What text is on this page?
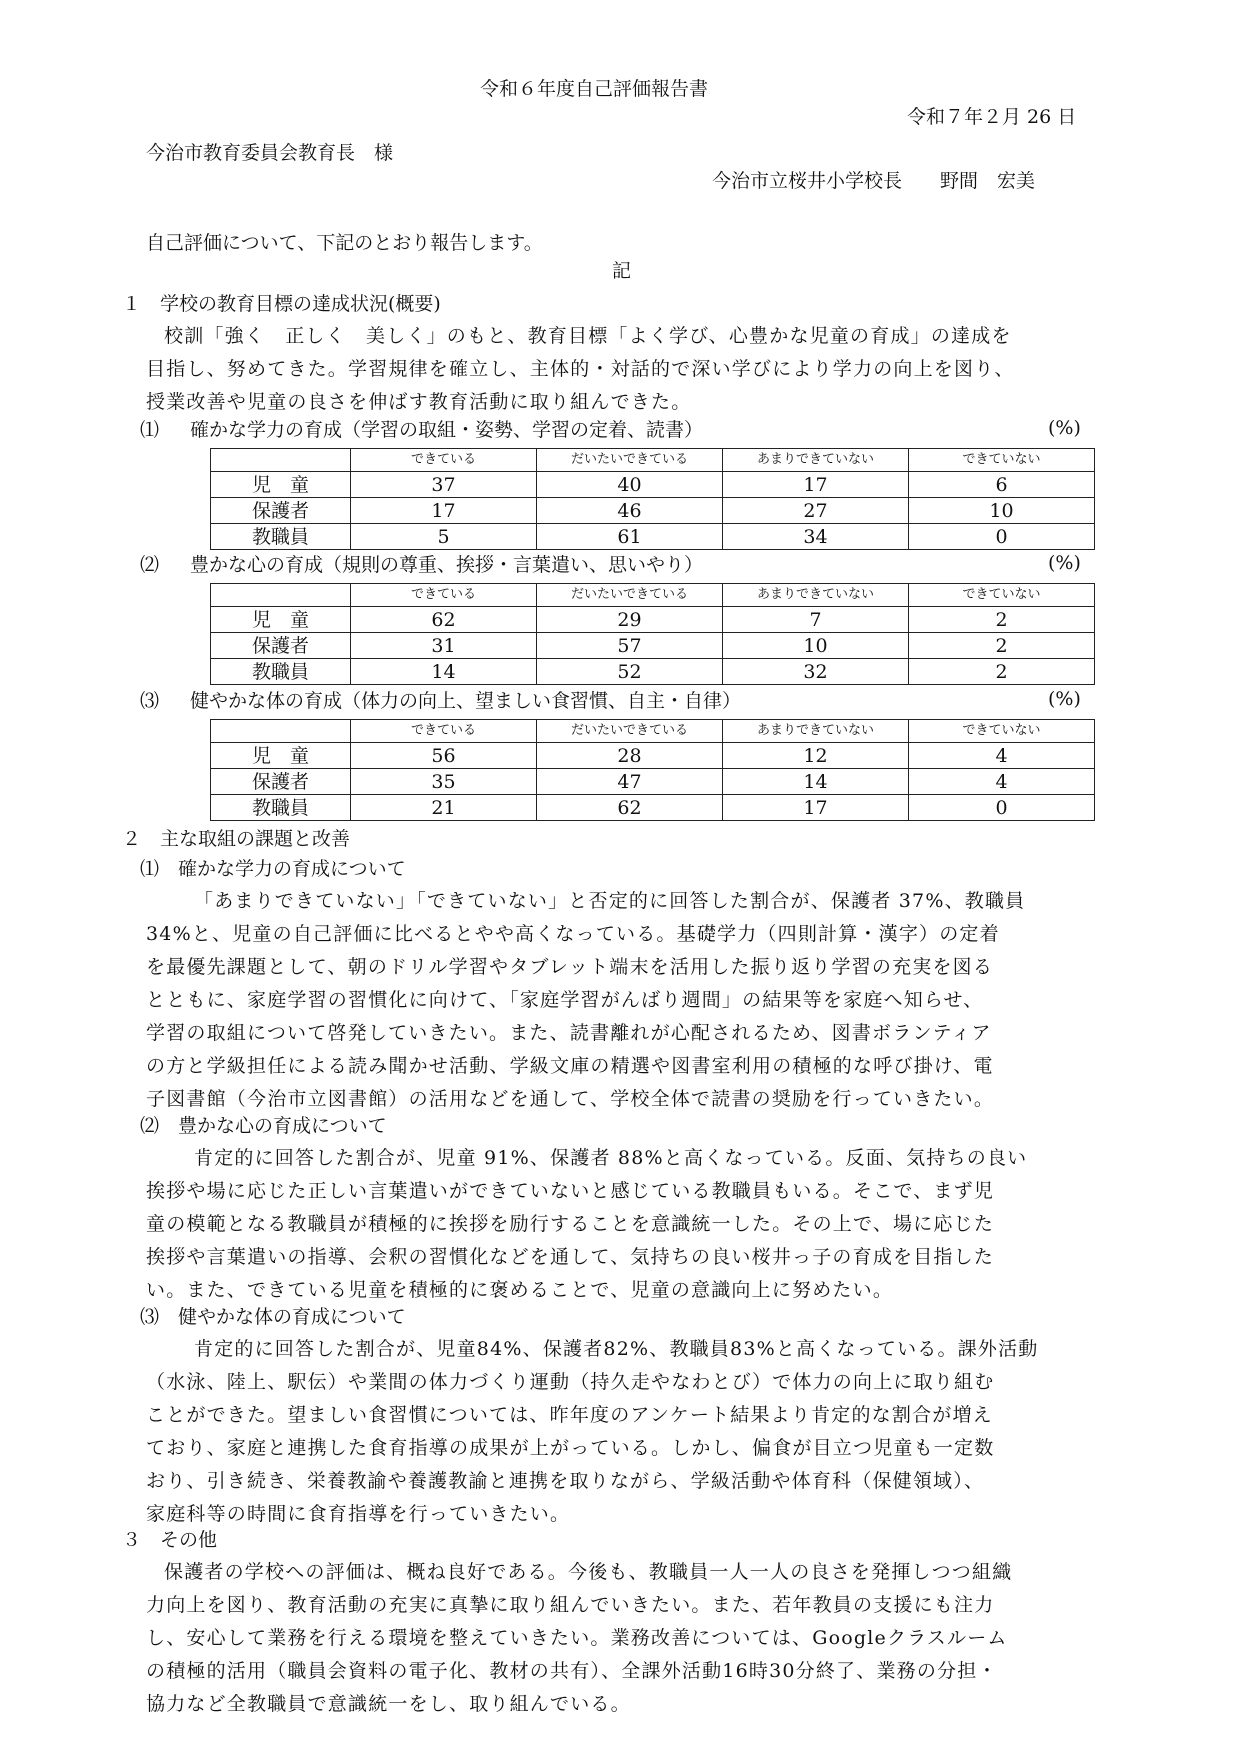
令和６年度自己評価報告書
令和７年２月 26 日
今治市教育委員会教育長　様
今治市立桜井小学校長　　野間　宏美
自己評価について、下記のとおり報告します。
記
１　学校の教育目標の達成状況(概要)
校訓「強く　正しく　美しく」のもと、教育目標「よく学び、心豊かな児童の育成」の達成を
目指し、努めてきた。学習規律を確立し、主体的・対話的で深い学びにより学力の向上を図り、
授業改善や児童の良さを伸ばす教育活動に取り組んできた。
⑴ 確かな学力の育成（学習の取組・姿勢、学習の定着、読書）	(%)
	できている	だいたいできている	あまりできていない	できていない
児　童	37	40	17	6
保護者	17	46	27	10
教職員	5	61	34	0
⑵ 豊かな心の育成（規則の尊重、挨拶・言葉遣い、思いやり）	(%)
	できている	だいたいできている	あまりできていない	できていない
児　童	62	29	7	2
保護者	31	57	10	2
教職員	14	52	32	2
⑶ 健やかな体の育成（体力の向上、望ましい食習慣、自主・自律）	(%)
	できている	だいたいできている	あまりできていない	できていない
児　童	56	28	12	4
保護者	35	47	14	4
教職員	21	62	17	0
２　主な取組の課題と改善
⑴　確かな学力の育成について
「あまりできていない」「できていない」と否定的に回答した割合が、保護者 37%、教職員
34%と、児童の自己評価に比べるとやや高くなっている。基礎学力（四則計算・漢字）の定着
を最優先課題として、朝のドリル学習やタブレット端末を活用した振り返り学習の充実を図る
とともに、家庭学習の習慣化に向けて、「家庭学習がんばり週間」の結果等を家庭へ知らせ、
学習の取組について啓発していきたい。また、読書離れが心配されるため、図書ボランティア
の方と学級担任による読み聞かせ活動、学級文庫の精選や図書室利用の積極的な呼び掛け、電
子図書館（今治市立図書館）の活用などを通して、学校全体で読書の奨励を行っていきたい。
⑵　豊かな心の育成について
肯定的に回答した割合が、児童 91%、保護者 88%と高くなっている。反面、気持ちの良い
挨拶や場に応じた正しい言葉遣いができていないと感じている教職員もいる。そこで、まず児
童の模範となる教職員が積極的に挨拶を励行することを意識統一した。その上で、場に応じた
挨拶や言葉遣いの指導、会釈の習慣化などを通して、気持ちの良い桜井っ子の育成を目指した
い。また、できている児童を積極的に褒めることで、児童の意識向上に努めたい。
⑶　健やかな体の育成について
肯定的に回答した割合が、児童84%、保護者82%、教職員83%と高くなっている。課外活動
（水泳、陸上、駅伝）や業間の体力づくり運動（持久走やなわとび）で体力の向上に取り組む
ことができた。望ましい食習慣については、昨年度のアンケート結果より肯定的な割合が増え
ており、家庭と連携した食育指導の成果が上がっている。しかし、偏食が目立つ児童も一定数
おり、引き続き、栄養教諭や養護教諭と連携を取りながら、学級活動や体育科（保健領域）、
家庭科等の時間に食育指導を行っていきたい。
３　その他
保護者の学校への評価は、概ね良好である。今後も、教職員一人一人の良さを発揮しつつ組織
力向上を図り、教育活動の充実に真摯に取り組んでいきたい。また、若年教員の支援にも注力
し、安心して業務を行える環境を整えていきたい。業務改善については、Googleクラスルーム
の積極的活用（職員会資料の電子化、教材の共有）、全課外活動16時30分終了、業務の分担・
協力など全教職員で意識統一をし、取り組んでいる。
